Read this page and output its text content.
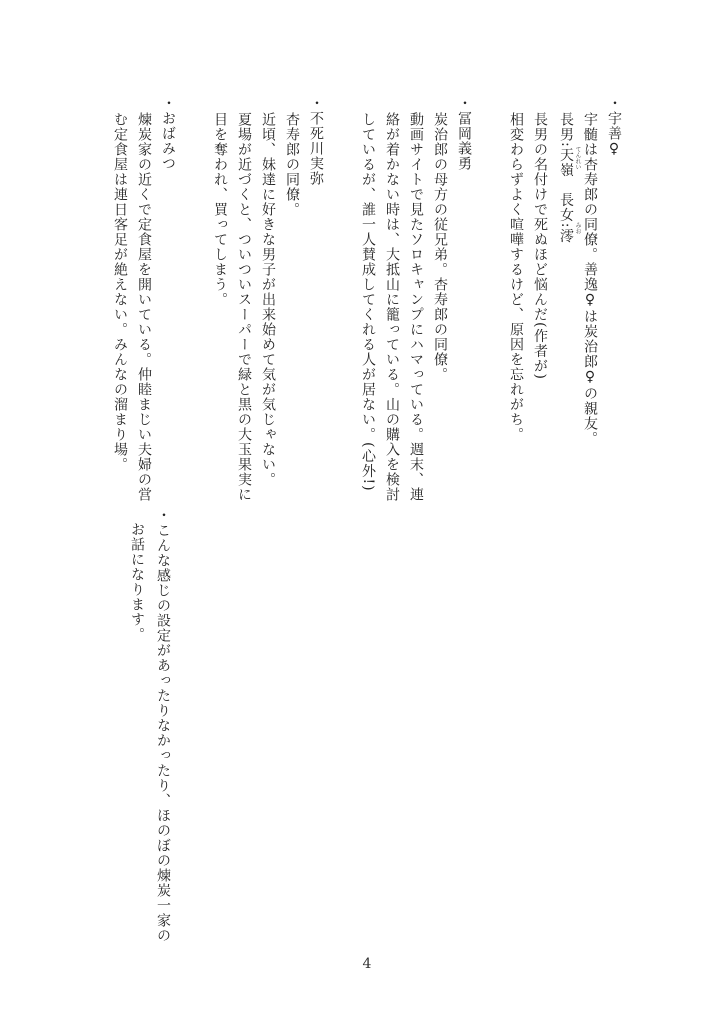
・宇善♀
宇髄は杏寿郎の同僚。善逸♀は炭治郎♀の親友。
長男:天嶺　長女:澪 てんれい
みお
長男の名付けで死ぬほど悩んだ(作者が)
相変わらずよく喧嘩するけど、原因を忘れがち。
・冨岡義勇
炭治郎の母方の従兄弟。杏寿郎の同僚。
動画サイトで見たソロキャンプにハマっている。週末、連
絡が着かない時は、大抵山に籠っている。山の購入を検討
しているが、誰一人賛成してくれる人が居ない。(心外!)
・不死川実弥
杏寿郎の同僚。
近頃、妹達に好きな男子が出来始めて気が気じゃない。
夏場が近づくと、ついついスーパーで緑と黒の大玉果実に
目を奪われ、買ってしまう。
・おばみつ
煉炭家の近くで定食屋を開いている。仲睦まじい夫婦の営
む定食屋は連日客足が絶えない。みんなの溜まり場。
・こんな感じの設定があったりなかったり、ほのぼの煉炭一家の
お話になります。
4
